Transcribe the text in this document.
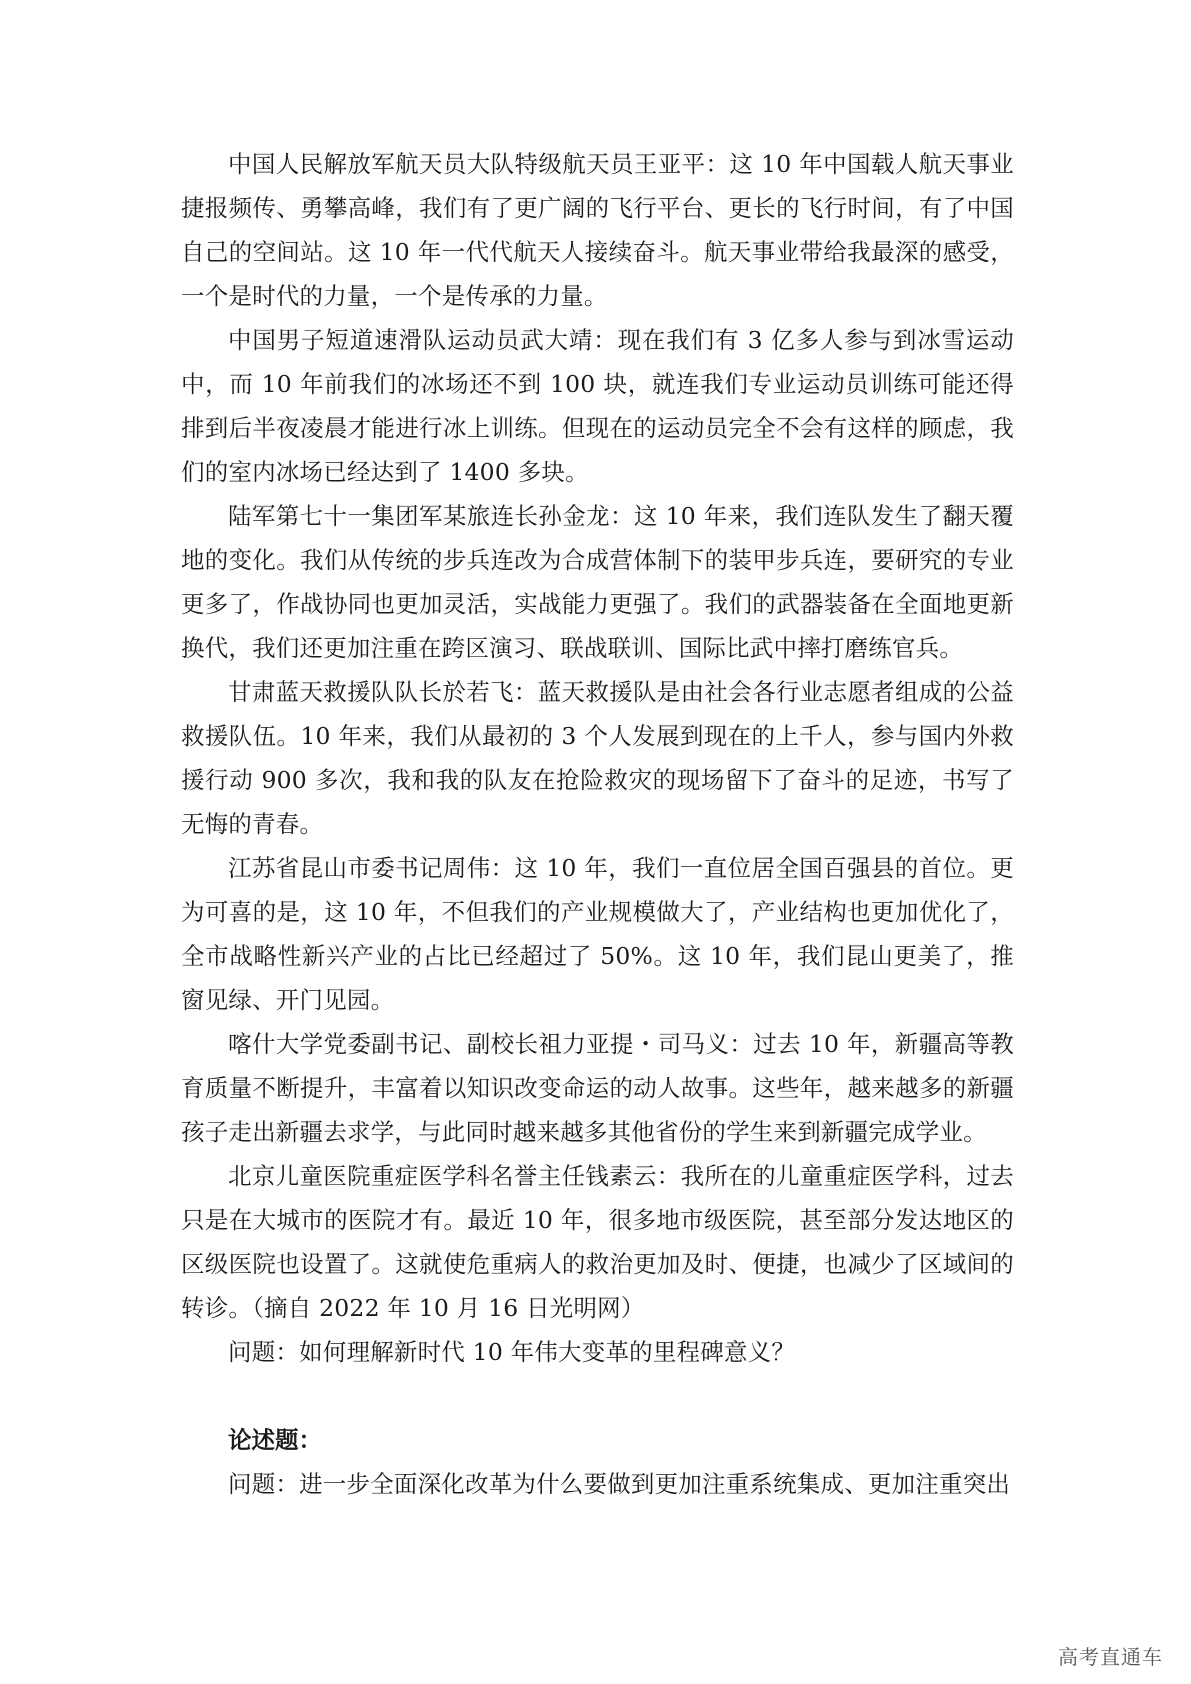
中国人民解放军航天员大队特级航天员王亚平：这 10 年中国载人航天事业捷报频传、勇攀高峰，我们有了更广阔的飞行平台、更长的飞行时间，有了中国自己的空间站。这 10 年一代代航天人接续奋斗。航天事业带给我最深的感受，一个是时代的力量，一个是传承的力量。

中国男子短道速滑队运动员武大靖：现在我们有 3 亿多人参与到冰雪运动中，而 10 年前我们的冰场还不到 100 块，就连我们专业运动员训练可能还得排到后半夜凌晨才能进行冰上训练。但现在的运动员完全不会有这样的顾虑，我们的室内冰场已经达到了 1400 多块。

陆军第七十一集团军某旅连长孙金龙：这 10 年来，我们连队发生了翻天覆地的变化。我们从传统的步兵连改为合成营体制下的装甲步兵连，要研究的专业更多了，作战协同也更加灵活，实战能力更强了。我们的武器装备在全面地更新换代，我们还更加注重在跨区演习、联战联训、国际比武中摔打磨练官兵。

甘肃蓝天救援队队长於若飞：蓝天救援队是由社会各行业志愿者组成的公益救援队伍。10 年来，我们从最初的 3 个人发展到现在的上千人，参与国内外救援行动 900 多次，我和我的队友在抢险救灾的现场留下了奋斗的足迹，书写了无悔的青春。

江苏省昆山市委书记周伟：这 10 年，我们一直位居全国百强县的首位。更为可喜的是，这 10 年，不但我们的产业规模做大了，产业结构也更加优化了，全市战略性新兴产业的占比已经超过了 50%。这 10 年，我们昆山更美了，推窗见绿、开门见园。

喀什大学党委副书记、副校长祖力亚提・司马义：过去 10 年，新疆高等教育质量不断提升，丰富着以知识改变命运的动人故事。这些年，越来越多的新疆孩子走出新疆去求学，与此同时越来越多其他省份的学生来到新疆完成学业。

北京儿童医院重症医学科名誉主任钱素云：我所在的儿童重症医学科，过去只是在大城市的医院才有。最近 10 年，很多地市级医院，甚至部分发达地区的区级医院也设置了。这就使危重病人的救治更加及时、便捷，也减少了区域间的转诊。（摘自 2022 年 10 月 16 日光明网）

问题：如何理解新时代 10 年伟大变革的里程碑意义？

论述题：

问题：进一步全面深化改革为什么要做到更加注重系统集成、更加注重突出

高考直通车
